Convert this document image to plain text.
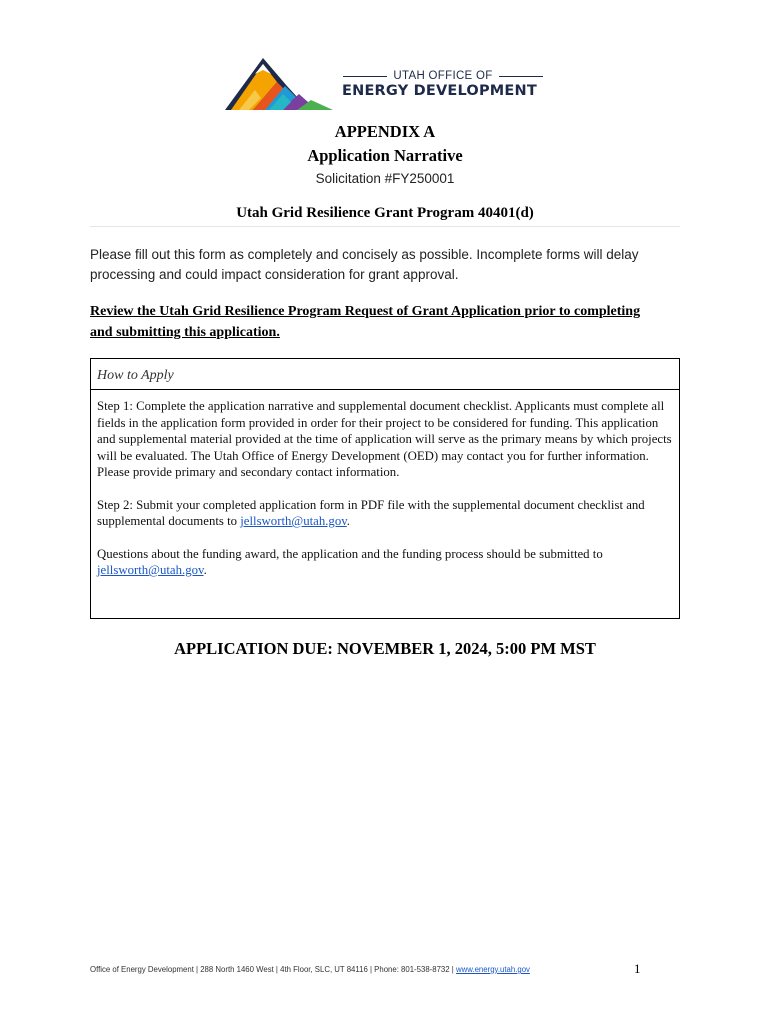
UTAH OFFICE OF
ENERGY DEVELOPMENT
APPENDIX A
Application Narrative
Solicitation #FY250001
Utah Grid Resilience Grant Program 40401(d)
Please fill out this form as completely and concisely as possible. Incomplete forms will delay processing and could impact consideration for grant approval.
Review the Utah Grid Resilience Program Request of Grant Application prior to completing and submitting this application.
How to Apply

Step 1: Complete the application narrative and supplemental document checklist. Applicants must complete all fields in the application form provided in order for their project to be considered for funding. This application and supplemental material provided at the time of application will serve as the primary means by which projects will be evaluated. The Utah Office of Energy Development (OED) may contact you for further information. Please provide primary and secondary contact information.

Step 2: Submit your completed application form in PDF file with the supplemental document checklist and supplemental documents to jellsworth@utah.gov.

Questions about the funding award, the application and the funding process should be submitted to jellsworth@utah.gov.

APPLICATION DUE: NOVEMBER 1, 2024, 5:00 PM MST
Office of Energy Development | 288 North 1460 West | 4th Floor, SLC, UT 84116 | Phone: 801-538-8732 | www.energy.utah.gov	1
